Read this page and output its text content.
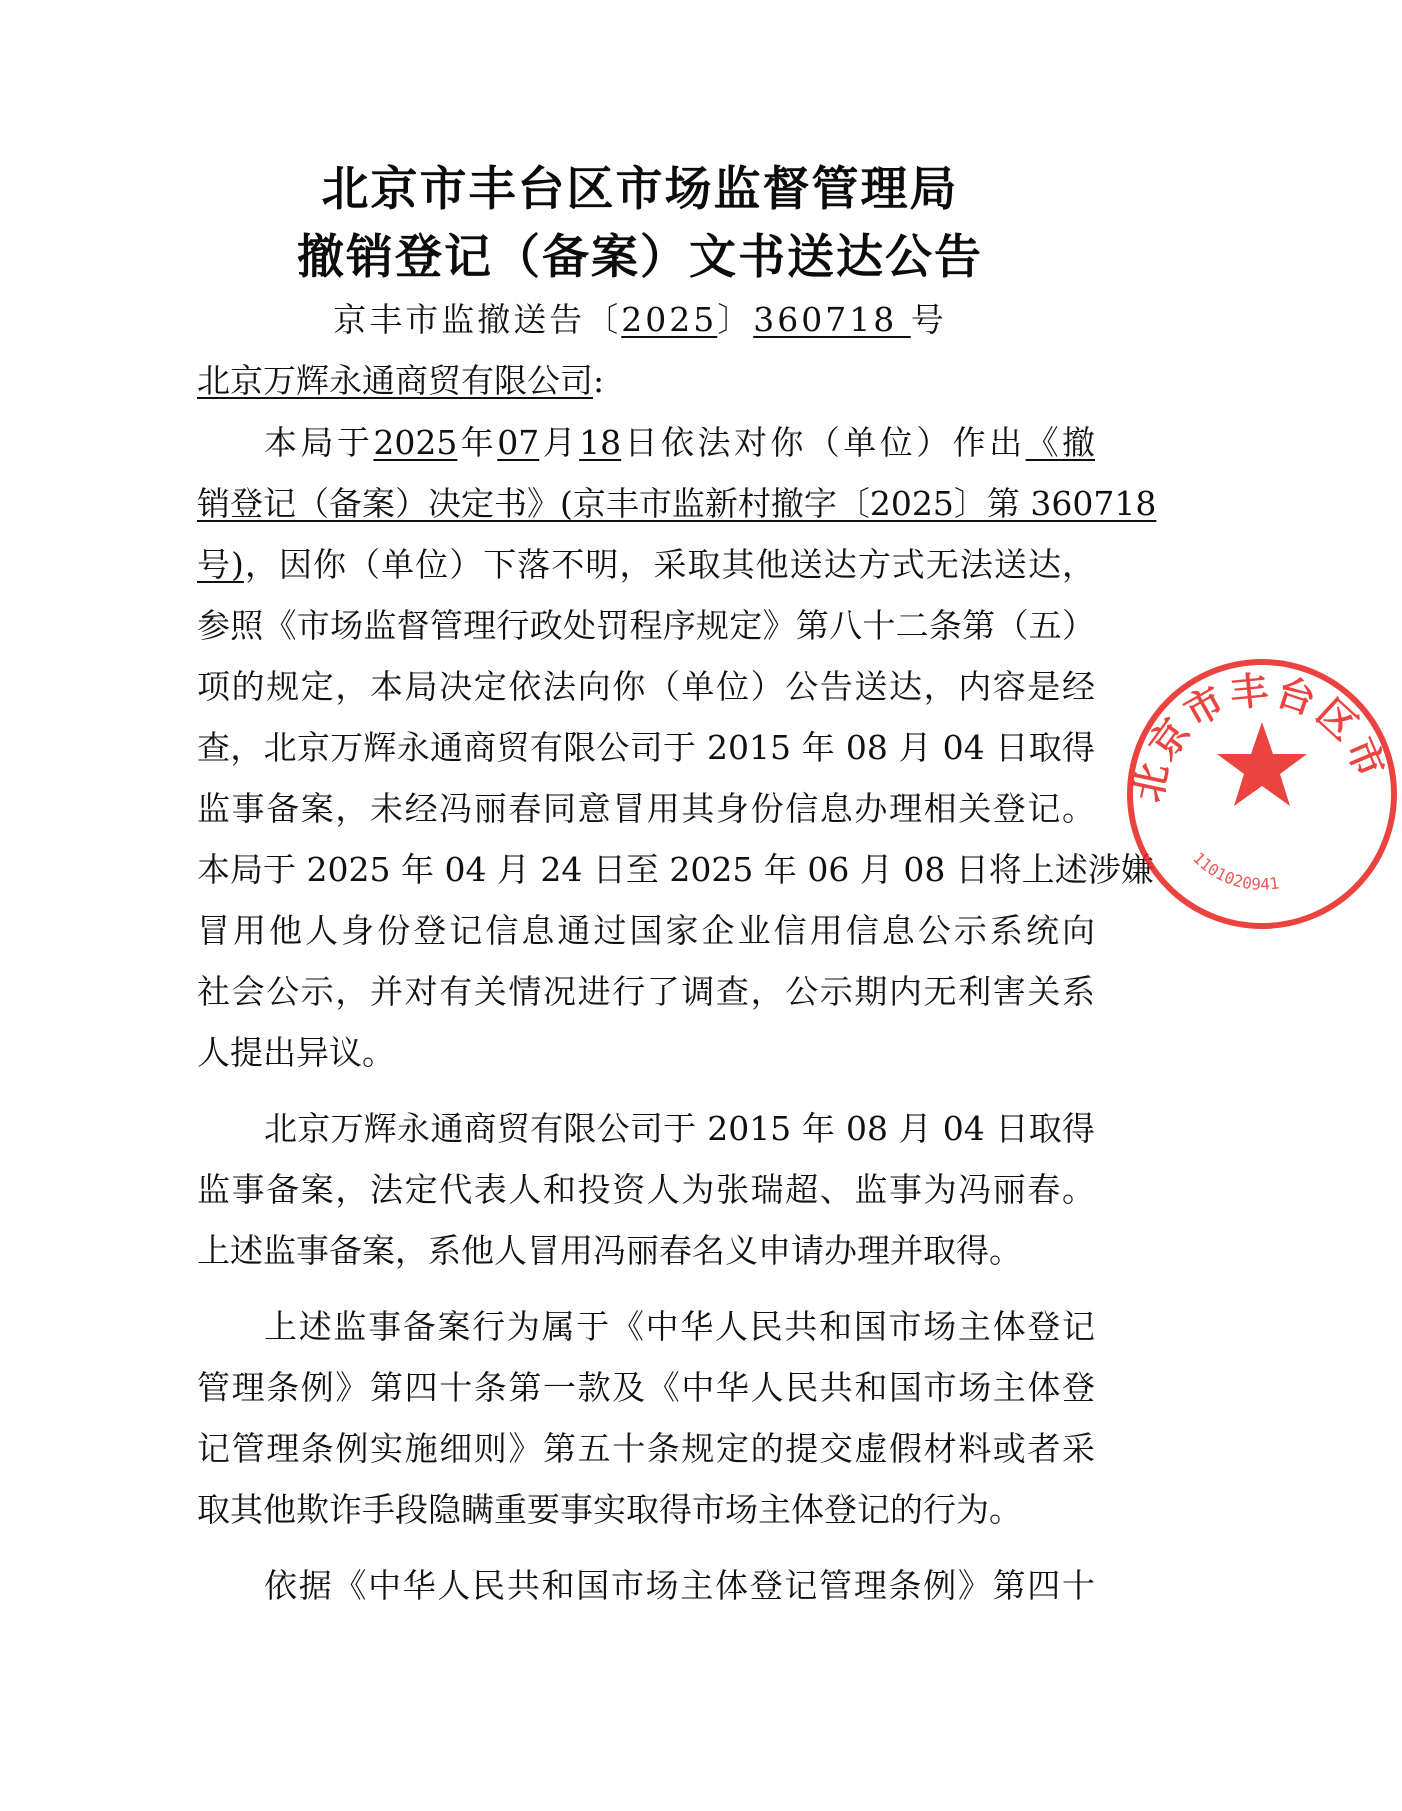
北京市丰台区市场监督管理局
撤销登记（备案）文书送达公告
京丰市监撤送告〔2025〕360718 号
北京万辉永通商贸有限公司:
本局于2025年07月18日依法对你（单位）作出《撤
销登记（备案）决定书》(京丰市监新村撤字〔2025〕第 360718
号)，因你（单位）下落不明，采取其他送达方式无法送达，
参照《市场监督管理行政处罚程序规定》第八十二条第（五）
项的规定，本局决定依法向你（单位）公告送达，内容是经
查，北京万辉永通商贸有限公司于 2015 年 08 月 04 日取得
监事备案，未经冯丽春同意冒用其身份信息办理相关登记。
本局于 2025 年 04 月 24 日至 2025 年 06 月 08 日将上述涉嫌
冒用他人身份登记信息通过国家企业信用信息公示系统向
社会公示，并对有关情况进行了调查，公示期内无利害关系
人提出异议。
北京万辉永通商贸有限公司于 2015 年 08 月 04 日取得
监事备案，法定代表人和投资人为张瑞超、监事为冯丽春。
上述监事备案，系他人冒用冯丽春名义申请办理并取得。
上述监事备案行为属于《中华人民共和国市场主体登记
管理条例》第四十条第一款及《中华人民共和国市场主体登
记管理条例实施细则》第五十条规定的提交虚假材料或者采
取其他欺诈手段隐瞒重要事实取得市场主体登记的行为。
依据《中华人民共和国市场主体登记管理条例》第四十
北京市丰台区市
1101020941
